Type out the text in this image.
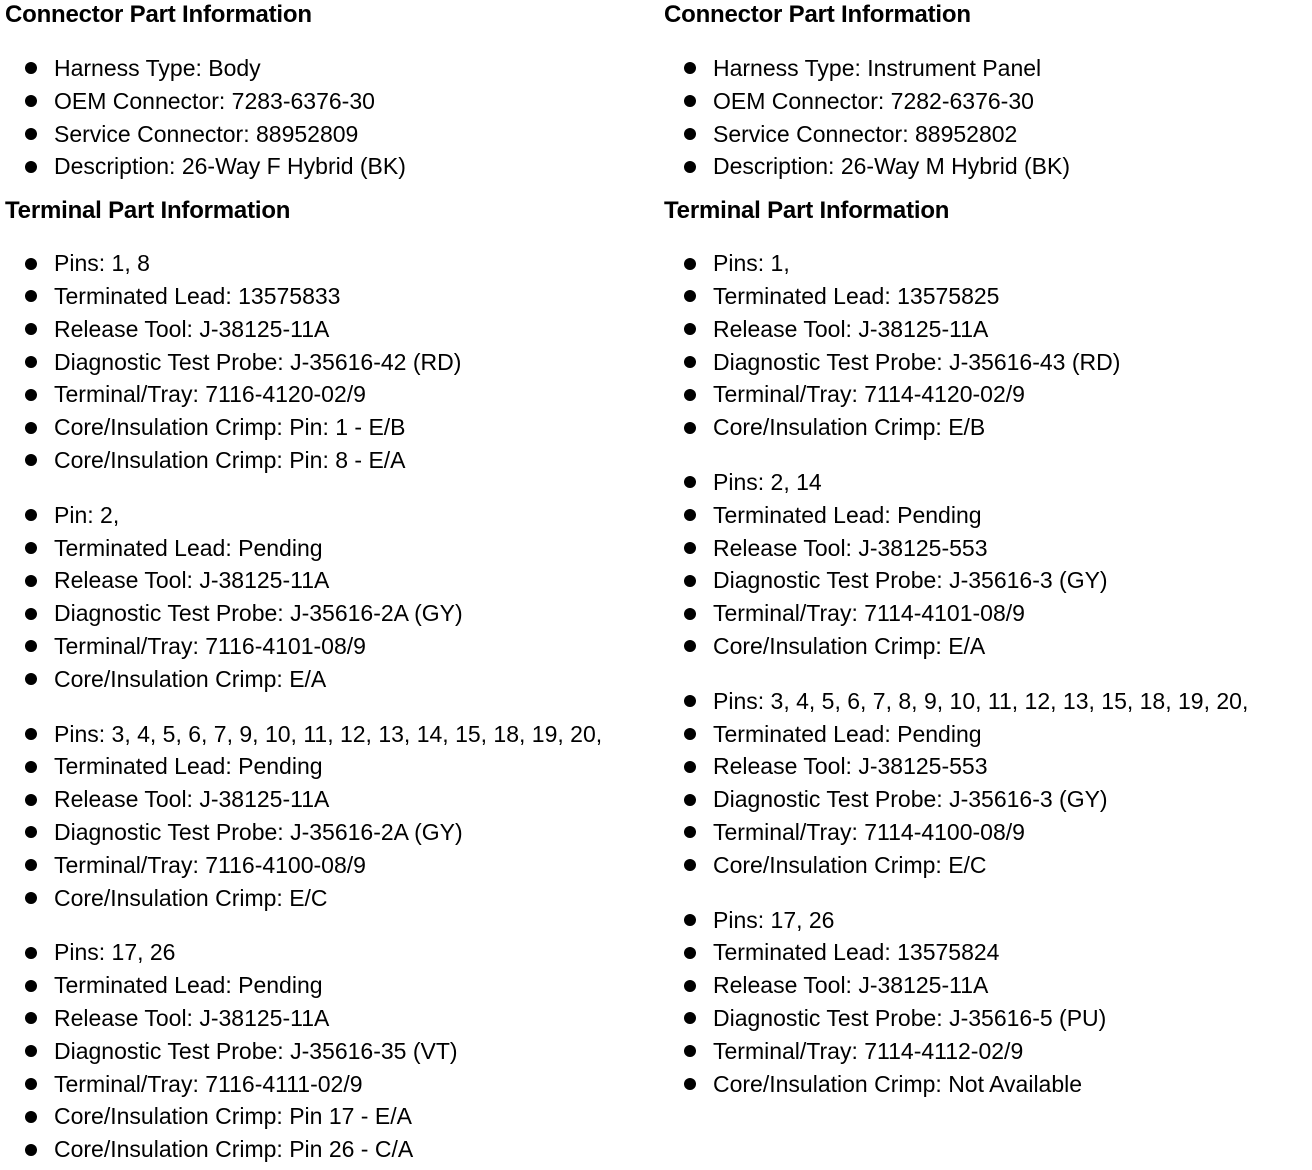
Connector Part Information
Harness Type: Body
OEM Connector: 7283-6376-30
Service Connector: 88952809
Description: 26-Way F Hybrid (BK)
Terminal Part Information
Pins: 1, 8
Terminated Lead: 13575833
Release Tool: J-38125-11A
Diagnostic Test Probe: J-35616-42 (RD)
Terminal/Tray: 7116-4120-02/9
Core/Insulation Crimp: Pin: 1 - E/B
Core/Insulation Crimp: Pin: 8 - E/A
Pin: 2,
Terminated Lead: Pending
Release Tool: J-38125-11A
Diagnostic Test Probe: J-35616-2A (GY)
Terminal/Tray: 7116-4101-08/9
Core/Insulation Crimp: E/A
Pins: 3, 4, 5, 6, 7, 9, 10, 11, 12, 13, 14, 15, 18, 19, 20,
Terminated Lead: Pending
Release Tool: J-38125-11A
Diagnostic Test Probe: J-35616-2A (GY)
Terminal/Tray: 7116-4100-08/9
Core/Insulation Crimp: E/C
Pins: 17, 26
Terminated Lead: Pending
Release Tool: J-38125-11A
Diagnostic Test Probe: J-35616-35 (VT)
Terminal/Tray: 7116-4111-02/9
Core/Insulation Crimp: Pin 17 - E/A
Core/Insulation Crimp: Pin 26 - C/A
Connector Part Information
Harness Type: Instrument Panel
OEM Connector: 7282-6376-30
Service Connector: 88952802
Description: 26-Way M Hybrid (BK)
Terminal Part Information
Pins: 1,
Terminated Lead: 13575825
Release Tool: J-38125-11A
Diagnostic Test Probe: J-35616-43 (RD)
Terminal/Tray: 7114-4120-02/9
Core/Insulation Crimp: E/B
Pins: 2, 14
Terminated Lead: Pending
Release Tool: J-38125-553
Diagnostic Test Probe: J-35616-3 (GY)
Terminal/Tray: 7114-4101-08/9
Core/Insulation Crimp: E/A
Pins: 3, 4, 5, 6, 7, 8, 9, 10, 11, 12, 13, 15, 18, 19, 20,
Terminated Lead: Pending
Release Tool: J-38125-553
Diagnostic Test Probe: J-35616-3 (GY)
Terminal/Tray: 7114-4100-08/9
Core/Insulation Crimp: E/C
Pins: 17, 26
Terminated Lead: 13575824
Release Tool: J-38125-11A
Diagnostic Test Probe: J-35616-5 (PU)
Terminal/Tray: 7114-4112-02/9
Core/Insulation Crimp: Not Available
